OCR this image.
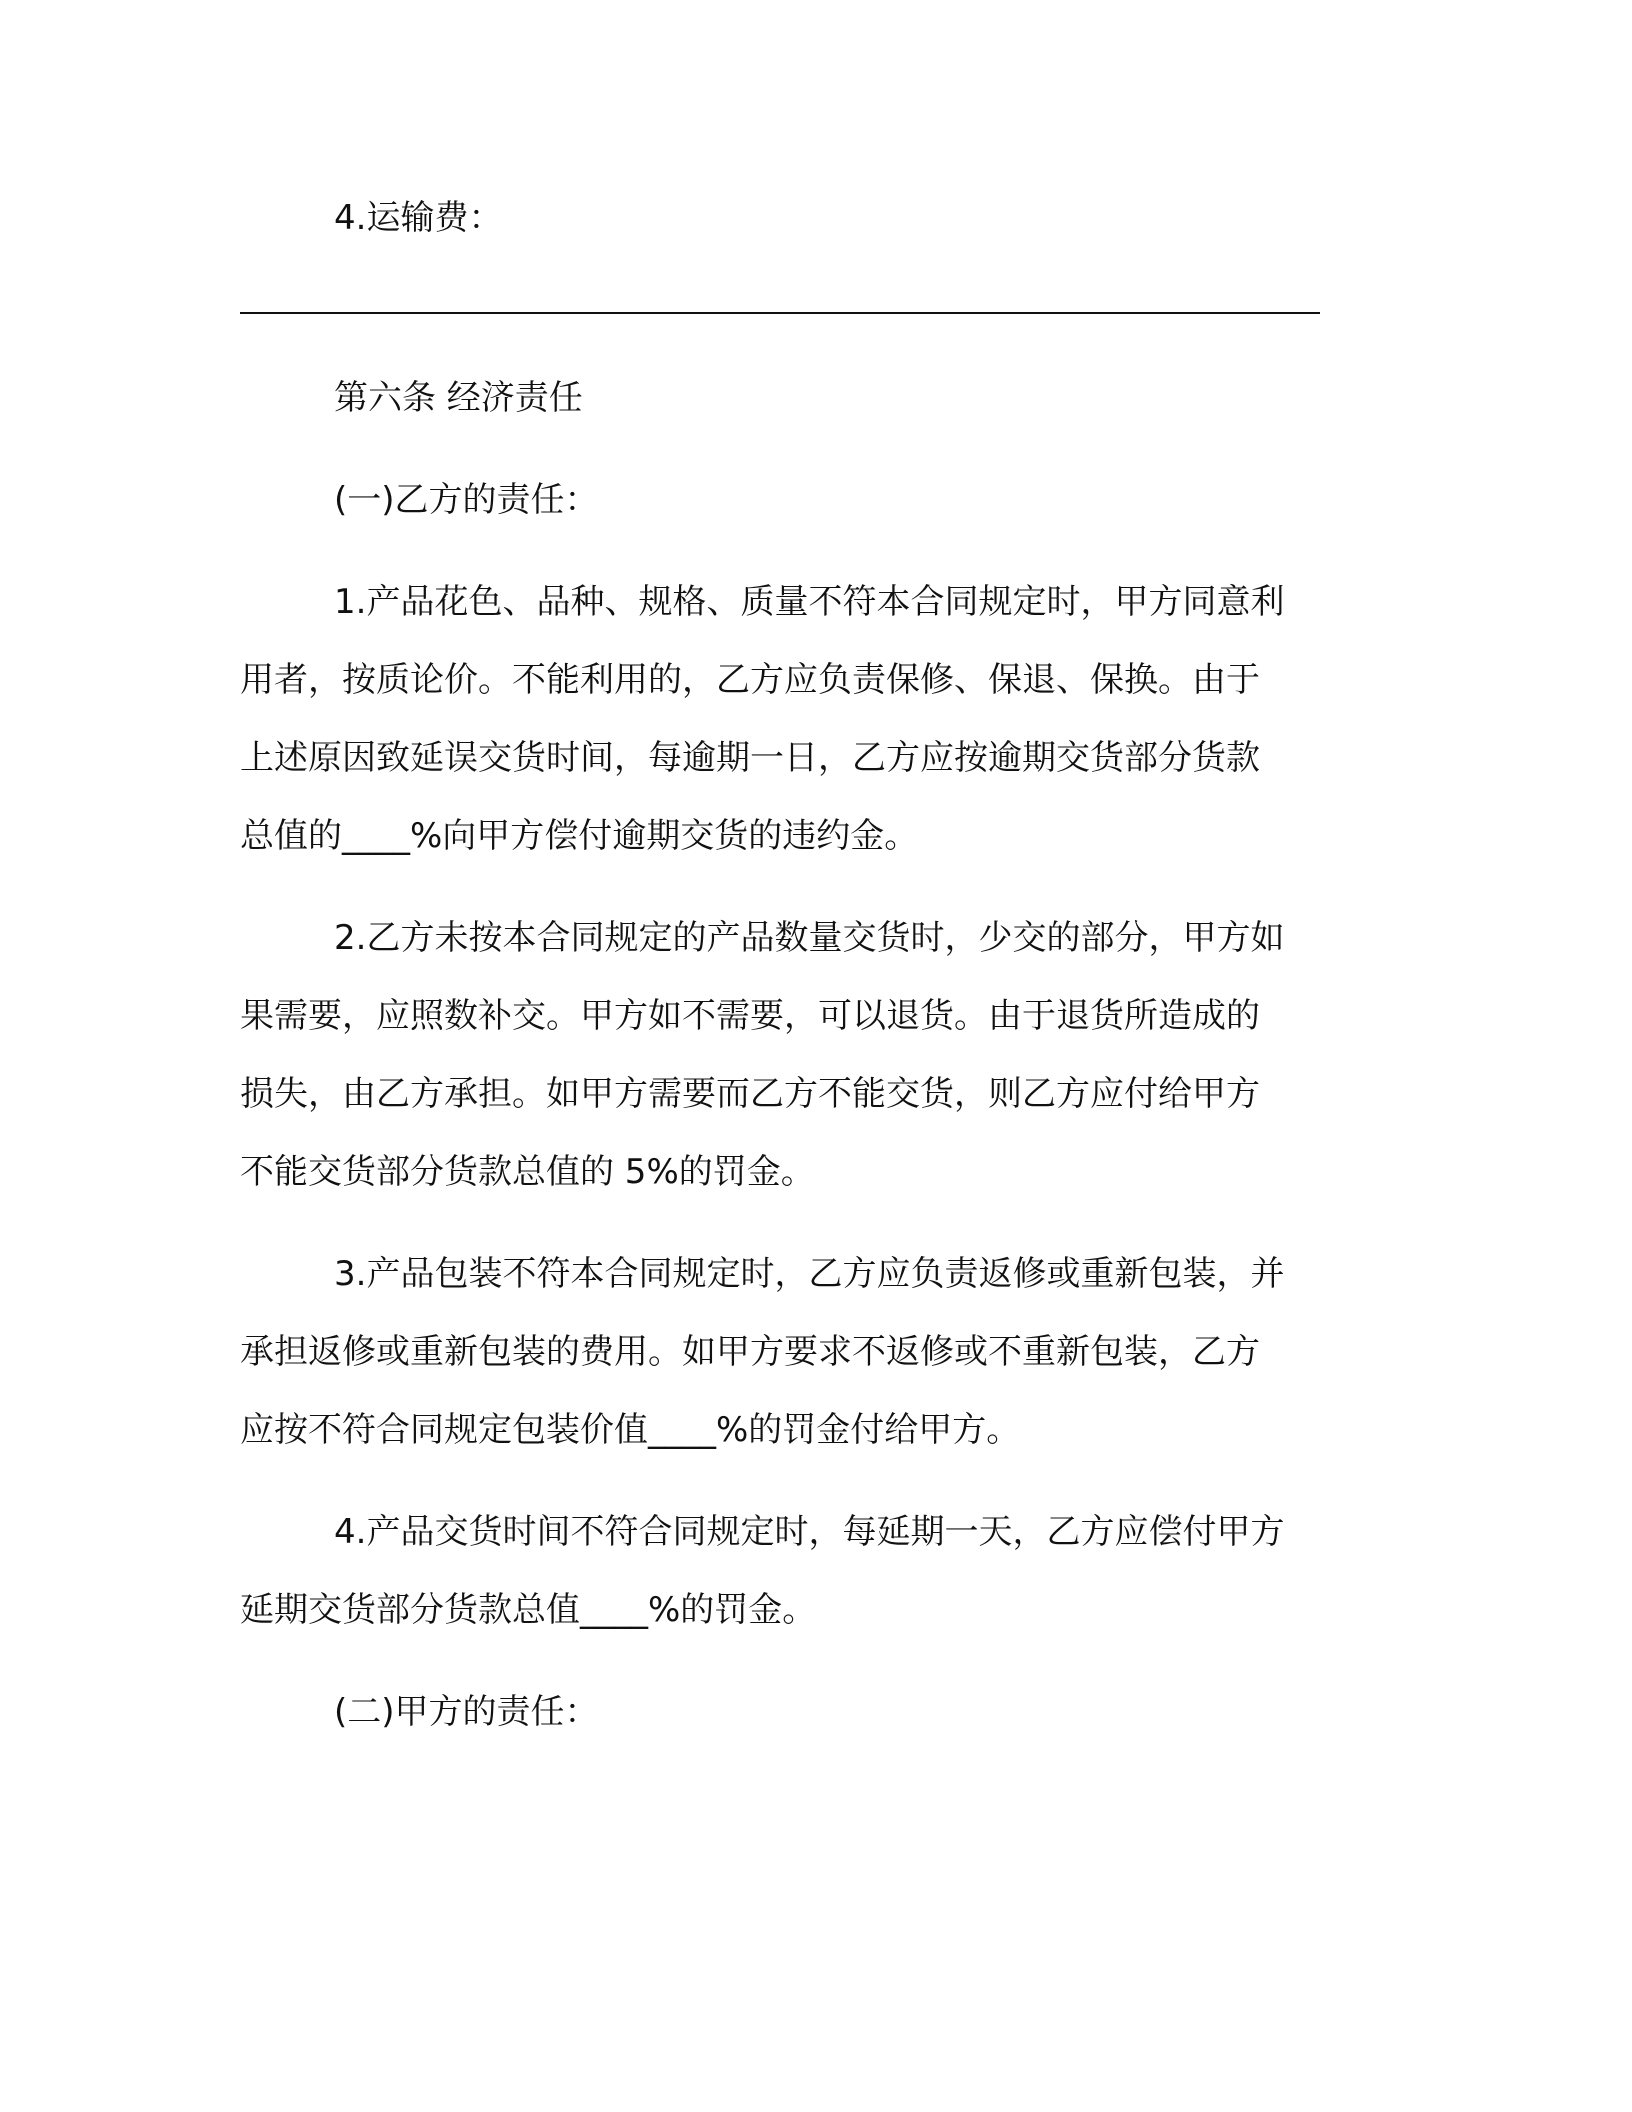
4.运输费：
第六条 经济责任
(一)乙方的责任：
1.产品花色、品种、规格、质量不符本合同规定时，甲方同意利
用者，按质论价。不能利用的，乙方应负责保修、保退、保换。由于
上述原因致延误交货时间，每逾期一日，乙方应按逾期交货部分货款
总值的____%向甲方偿付逾期交货的违约金。
2.乙方未按本合同规定的产品数量交货时，少交的部分，甲方如
果需要，应照数补交。甲方如不需要，可以退货。由于退货所造成的
损失，由乙方承担。如甲方需要而乙方不能交货，则乙方应付给甲方
不能交货部分货款总值的 5%的罚金。
3.产品包装不符本合同规定时，乙方应负责返修或重新包装，并
承担返修或重新包装的费用。如甲方要求不返修或不重新包装，乙方
应按不符合同规定包装价值____%的罚金付给甲方。
4.产品交货时间不符合同规定时，每延期一天，乙方应偿付甲方
延期交货部分货款总值____%的罚金。
(二)甲方的责任：
